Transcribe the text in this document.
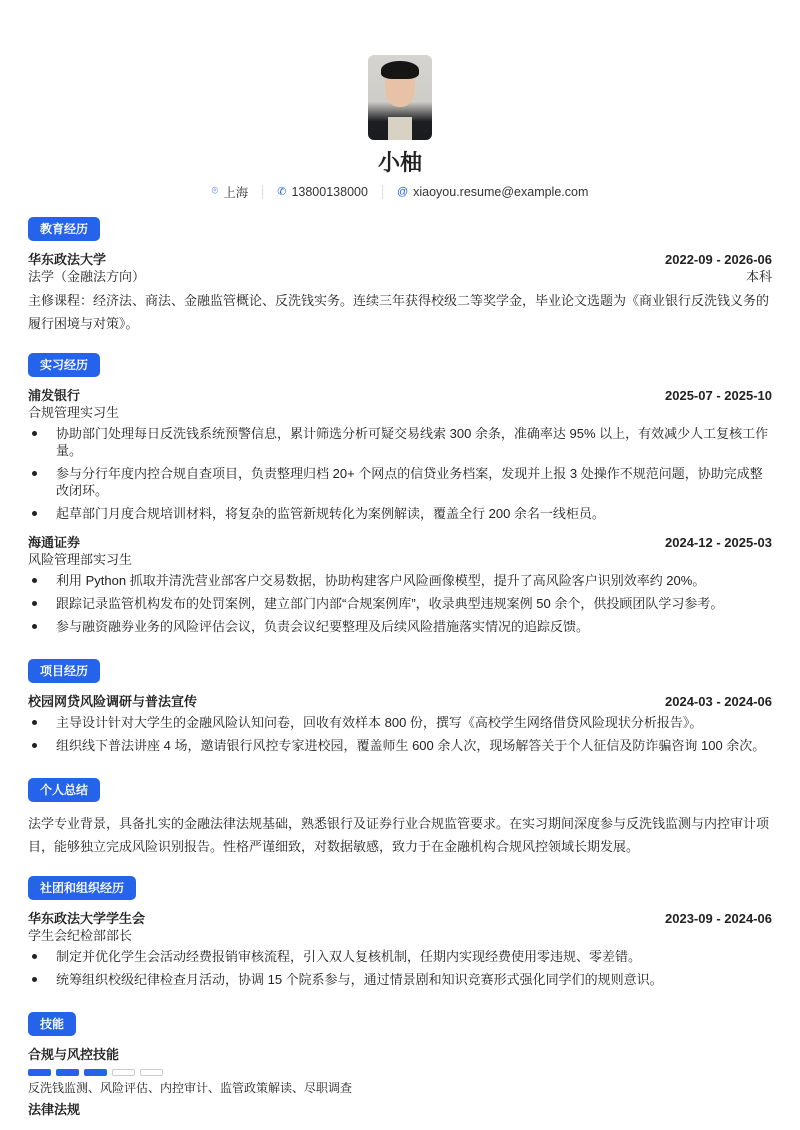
小柚
⌾ 上海	✆ 13800138000	@ xiaoyou.resume@example.com
教育经历
华东政法大学	2022-09 - 2026-06
法学（金融法方向）	本科
主修课程：经济法、商法、金融监管概论、反洗钱实务。连续三年获得校级二等奖学金，毕业论文选题为《商业银行反洗钱义务的履行困境与对策》。
实习经历
浦发银行	2025-07 - 2025-10
合规管理实习生
协助部门处理每日反洗钱系统预警信息，累计筛选分析可疑交易线索 300 余条，准确率达 95% 以上，有效减少人工复核工作量。
参与分行年度内控合规自查项目，负责整理归档 20+ 个网点的信贷业务档案，发现并上报 3 处操作不规范问题，协助完成整改闭环。
起草部门月度合规培训材料，将复杂的监管新规转化为案例解读，覆盖全行 200 余名一线柜员。
海通证券	2024-12 - 2025-03
风险管理部实习生
利用 Python 抓取并清洗营业部客户交易数据，协助构建客户风险画像模型，提升了高风险客户识别效率约 20%。
跟踪记录监管机构发布的处罚案例，建立部门内部“合规案例库”，收录典型违规案例 50 余个，供投顾团队学习参考。
参与融资融券业务的风险评估会议，负责会议纪要整理及后续风险措施落实情况的追踪反馈。
项目经历
校园网贷风险调研与普法宣传	2024-03 - 2024-06
主导设计针对大学生的金融风险认知问卷，回收有效样本 800 份，撰写《高校学生网络借贷风险现状分析报告》。
组织线下普法讲座 4 场，邀请银行风控专家进校园，覆盖师生 600 余人次，现场解答关于个人征信及防诈骗咨询 100 余次。
个人总结
法学专业背景，具备扎实的金融法律法规基础，熟悉银行及证券行业合规监管要求。在实习期间深度参与反洗钱监测与内控审计项目，能够独立完成风险识别报告。性格严谨细致，对数据敏感，致力于在金融机构合规风控领域长期发展。
社团和组织经历
华东政法大学学生会	2023-09 - 2024-06
学生会纪检部部长
制定并优化学生会活动经费报销审核流程，引入双人复核机制，任期内实现经费使用零违规、零差错。
统筹组织校级纪律检查月活动，协调 15 个院系参与，通过情景剧和知识竞赛形式强化同学们的规则意识。
技能
合规与风控技能
反洗钱监测、风险评估、内控审计、监管政策解读、尽职调查
法律法规
